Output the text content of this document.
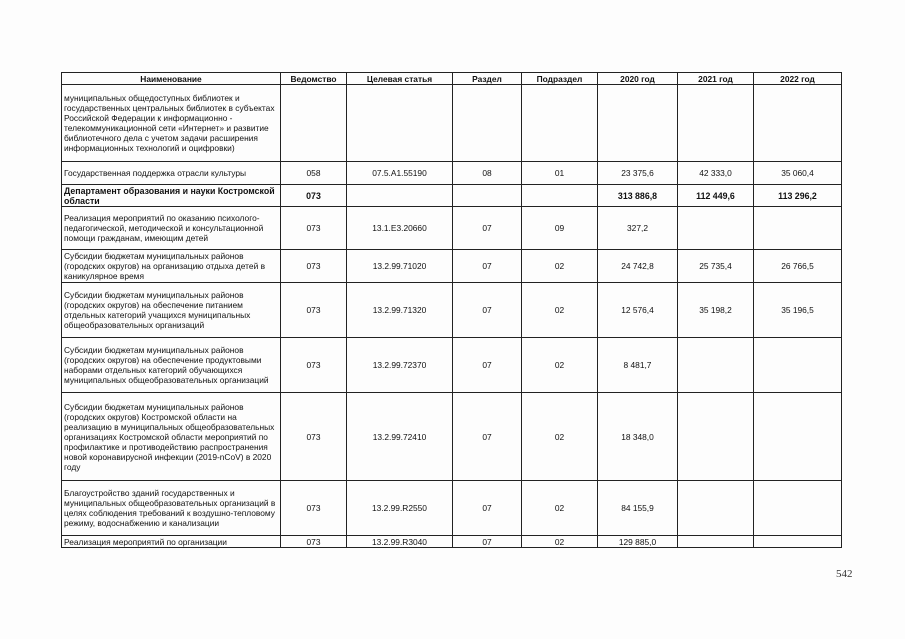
Наименование	Ведомство	Целевая статья	Раздел	Подраздел	2020 год	2021 год	2022 год
муниципальных общедоступных библиотек и государственных центральных библиотек в субъектах Российской Федерации к информационно - телекоммуникационной сети «Интернет» и развитие библиотечного дела с учетом задачи расширения информационных технологий и оцифровки)							
Государственная поддержка отрасли культуры	058	07.5.A1.55190	08	01	23 375,6	42 333,0	35 060,4
Департамент образования и науки Костромской области	073				313 886,8	112 449,6	113 296,2
Реализация мероприятий по оказанию психолого-педагогической, методической и консультационной помощи гражданам, имеющим детей	073	13.1.E3.20660	07	09	327,2		
Субсидии бюджетам муниципальных районов (городских округов) на организацию отдыха детей в каникулярное время	073	13.2.99.71020	07	02	24 742,8	25 735,4	26 766,5
Субсидии бюджетам муниципальных районов (городских округов) на обеспечение питанием отдельных категорий учащихся муниципальных общеобразовательных организаций	073	13.2.99.71320	07	02	12 576,4	35 198,2	35 196,5
Субсидии бюджетам муниципальных районов (городских округов) на обеспечение продуктовыми наборами отдельных категорий обучающихся муниципальных общеобразовательных организаций	073	13.2.99.72370	07	02	8 481,7		
Субсидии бюджетам муниципальных районов (городских округов) Костромской области на реализацию в муниципальных общеобразовательных организациях Костромской области мероприятий по профилактике и противодействию распространения новой коронавирусной инфекции (2019-nCoV) в 2020 году	073	13.2.99.72410	07	02	18 348,0		
Благоустройство зданий государственных и муниципальных общеобразовательных организаций в целях соблюдения требований к воздушно-тепловому режиму, водоснабжению и канализации	073	13.2.99.R2550	07	02	84 155,9		
Реализация мероприятий по организации	073	13.2.99.R3040	07	02	129 885,0		
542
